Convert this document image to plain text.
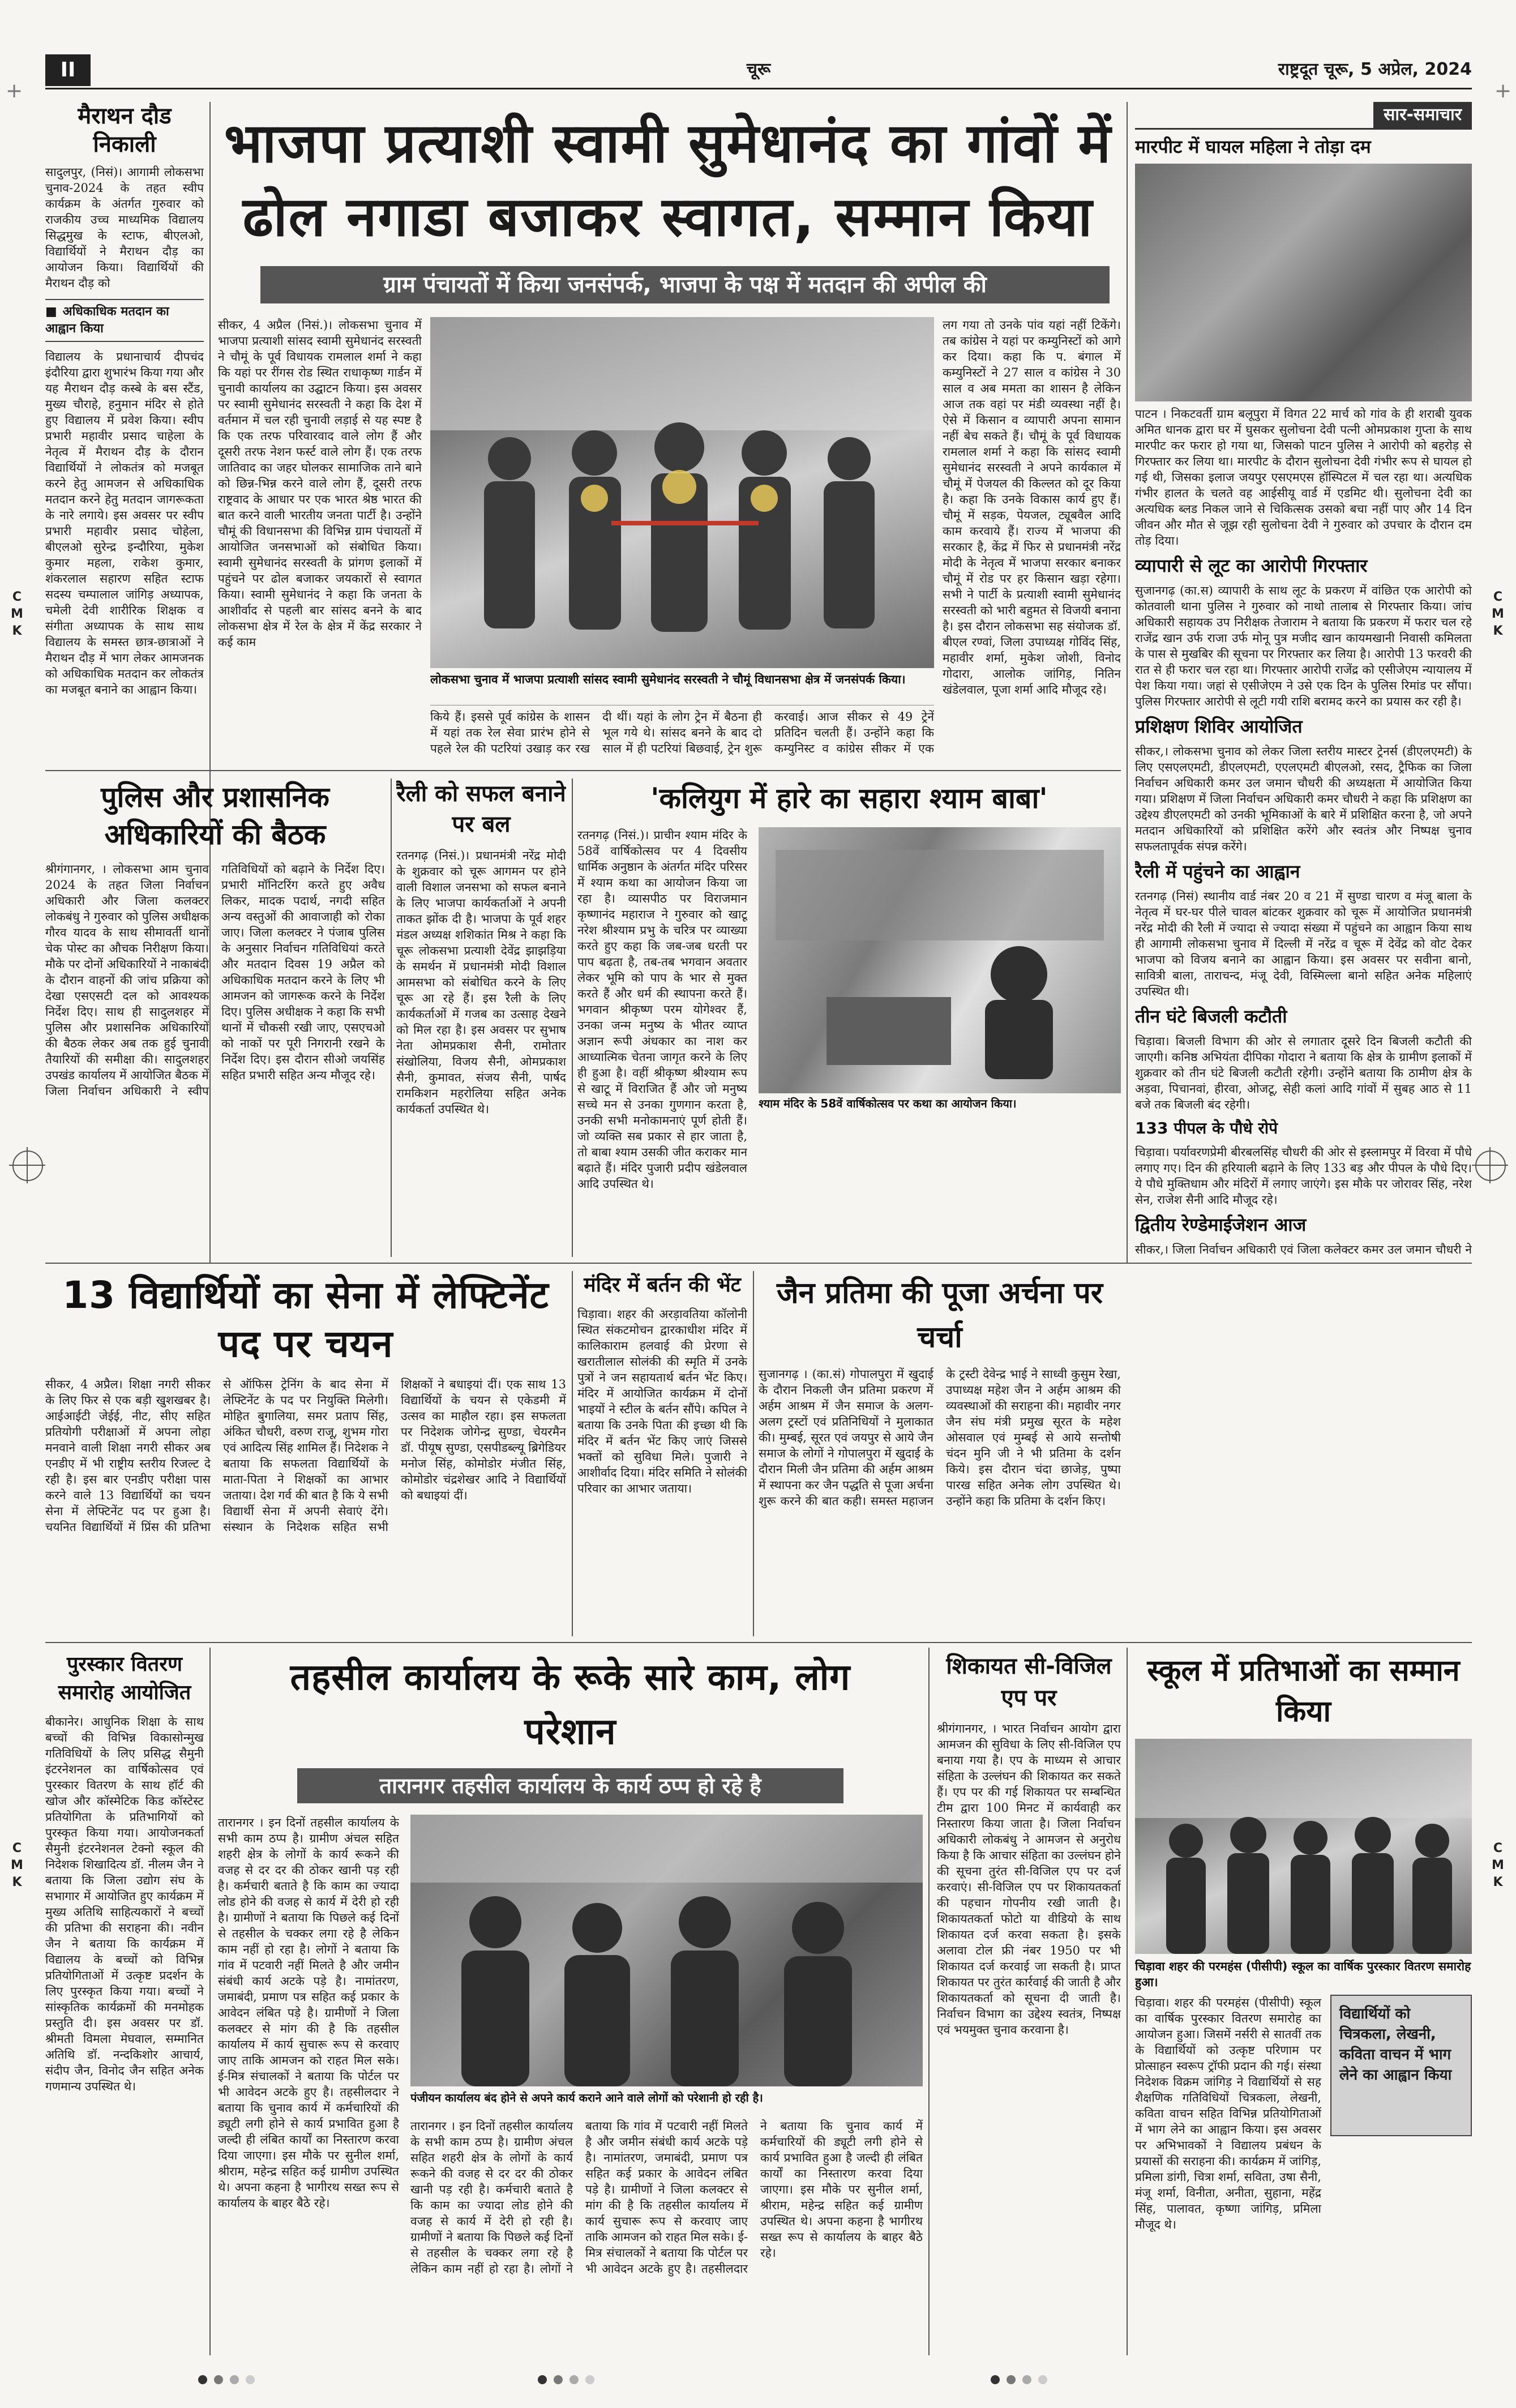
+	+
C
M
K
C
M
K
C
M
K
C
M
K
II	चूरू	राष्ट्रदूत चूरू, 5 अप्रेल, 2024
मैराथन दौड निकाली
सादुलपुर, (निसं)। आगामी लोकसभा चुनाव-2024 के तहत स्वीप कार्यक्रम के अंतर्गत गुरुवार को राजकीय उच्च माध्यमिक विद्यालय सिद्धमुख के स्टाफ, बीएलओ, विद्यार्थियों ने मैराथन दौड़ का आयोजन किया। विद्यार्थियों की मैराथन दौड़ को
■ अधिकाधिक मतदान का आह्वान किया
विद्यालय के प्रधानाचार्य दीपचंद इंदौरिया द्वारा शुभारंभ किया गया और यह मैराथन दौड़ कस्बे के बस स्टैंड, मुख्य चौराहे, हनुमान मंदिर से होते हुए विद्यालय में प्रवेश किया। स्वीप प्रभारी महावीर प्रसाद चाहेला के नेतृत्व में मैराथन दौड़ के दौरान विद्यार्थियों ने लोकतंत्र को मजबूत करने हेतु आमजन से अधिकाधिक मतदान करने हेतु मतदान जागरूकता के नारे लगाये। इस अवसर पर स्वीप प्रभारी महावीर प्रसाद चोहेला, बीएलओ सुरेन्द्र इन्दौरिया, मुकेश कुमार महला, राकेश कुमार, शंकरलाल सहारण सहित स्टाफ सदस्य चम्पालाल जांगिड़ अध्यापक, चमेली देवी शारीरिक शिक्षक व संगीता अध्यापक के साथ साथ विद्यालय के समस्त छात्र-छात्राओं ने मैराथन दौड़ में भाग लेकर आमजनक को अधिकाधिक मतदान कर लोकतंत्र का मजबूत बनाने का आह्वान किया।
भाजपा प्रत्याशी स्वामी सुमेधानंद का गांवों में ढोल नगाडा बजाकर स्वागत, सम्मान किया
ग्राम पंचायतों में किया जनसंपर्क, भाजपा के पक्ष में मतदान की अपील की
सीकर, 4 अप्रैल (निसं.)। लोकसभा चुनाव में भाजपा प्रत्याशी सांसद स्वामी सुमेधानंद सरस्वती ने चौमूं के पूर्व विधायक रामलाल शर्मा ने कहा कि यहां पर रींगस रोड स्थित राधाकृष्ण गार्डन में चुनावी कार्यालय का उद्घाटन किया। इस अवसर पर स्वामी सुमेधानंद सरस्वती ने कहा कि देश में वर्तमान में चल रही चुनावी लड़ाई से यह स्पष्ट है कि एक तरफ परिवारवाद वाले लोग हैं और दूसरी तरफ नेशन फर्स्ट वाले लोग हैं। एक तरफ जातिवाद का जहर घोलकर सामाजिक ताने बाने को छिन्न-भिन्न करने वाले लोग हैं, दूसरी तरफ राष्ट्रवाद के आधार पर एक भारत श्रेष्ठ भारत की बात करने वाली भारतीय जनता पार्टी है। उन्होंने चौमूं की विधानसभा की विभिन्न ग्राम पंचायतों में आयोजित जनसभाओं को संबोधित किया। स्वामी सुमेधानंद सरस्वती के प्रांगण इलाकों में पहुंचने पर ढोल बजाकर जयकारों से स्वागत किया। स्वामी सुमेधानंद ने कहा कि जनता के आशीर्वाद से पहली बार सांसद बनने के बाद लोकसभा क्षेत्र में रेल के क्षेत्र में केंद्र सरकार ने कई काम
लोकसभा चुनाव में भाजपा प्रत्याशी सांसद स्वामी सुमेधानंद सरस्वती ने चौमूं विधानसभा क्षेत्र में जनसंपर्क किया।
किये हैं। इससे पूर्व कांग्रेस के शासन में यहां तक रेल सेवा प्रारंभ होने से पहले रेल की पटरियां उखाड़ कर रख दी थीं। यहां के लोग ट्रेन में बैठना ही भूल गये थे। सांसद बनने के बाद दो साल में ही पटरियां बिछवाई, ट्रेन शुरू करवाई। आज सीकर से 49 ट्रेनें प्रतिदिन चलती हैं। उन्होंने कहा कि कम्युनिस्ट व कांग्रेस सीकर में एक
लग गया तो उनके पांव यहां नहीं टिकेंगे। तब कांग्रेस ने यहां पर कम्युनिस्टों को आगे कर दिया। कहा कि प. बंगाल में कम्युनिस्टों ने 27 साल व कांग्रेस ने 30 साल व अब ममता का शासन है लेकिन आज तक वहां पर मंडी व्यवस्था नहीं है। ऐसे में किसान व व्यापारी अपना सामान नहीं बेच सकते हैं। चौमूं के पूर्व विधायक रामलाल शर्मा ने कहा कि सांसद स्वामी सुमेधानंद सरस्वती ने अपने कार्यकाल में चौमूं में पेजयल की किल्लत को दूर किया है। कहा कि उनके विकास कार्य हुए हैं। चौमूं में सड़क, पेयजल, ट्यूबवैल आदि काम करवाये हैं। राज्य में भाजपा की सरकार है, केंद्र में फिर से प्रधानमंत्री नरेंद्र मोदी के नेतृत्व में भाजपा सरकार बनाकर चौमूं में रोड पर हर किसान खड़ा रहेगा। सभी ने पार्टी के प्रत्याशी स्वामी सुमेधानंद सरस्वती को भारी बहुमत से विजयी बनाना है। इस दौरान लोकसभा सह संयोजक डॉ. बीएल रण्वां, जिला उपाध्यक्ष गोविंद सिंह, महावीर शर्मा, मुकेश जोशी, विनोद गोदारा, आलोक जांगिड़, नितिन खंडेलवाल, पूजा शर्मा आदि मौजूद रहे।
सार-समाचार
मारपीट में घायल महिला ने तोड़ा दम
पाटन । निकटवर्ती ग्राम बलूपुरा में विगत 22 मार्च को गांव के ही शराबी युवक अमित धानक द्वारा घर में घुसकर सुलोचना देवी पत्नी ओमप्रकाश गुप्ता के साथ मारपीट कर फरार हो गया था, जिसको पाटन पुलिस ने आरोपी को बहरोड़ से गिरफ्तार कर लिया था। मारपीट के दौरान सुलोचना देवी गंभीर रूप से घायल हो गई थी, जिसका इलाज जयपुर एसएमएस हॉस्पिटल में चल रहा था। अत्यधिक गंभीर हालत के चलते वह आईसीयू वार्ड में एडमिट थी। सुलोचना देवी का अत्यधिक ब्लड निकल जाने से चिकित्सक उसको बचा नहीं पाए और 14 दिन जीवन और मौत से जूझ रही सुलोचना देवी ने गुरुवार को उपचार के दौरान दम तोड़ दिया।
व्यापारी से लूट का आरोपी गिरफ्तार
सुजानगढ़ (का.स) व्यापारी के साथ लूट के प्रकरण में वांछित एक आरोपी को कोतवाली थाना पुलिस ने गुरुवार को नाथो तालाब से गिरफ्तार किया। जांच अधिकारी सहायक उप निरीक्षक तेजाराम ने बताया कि प्रकरण में फरार चल रहे राजेंद्र खान उर्फ राजा उर्फ मोनू पुत्र मजीद खान कायमखानी निवासी कमिलता के पास से मुखबिर की सूचना पर गिरफ्तार कर लिया है। आरोपी 13 फरवरी की रात से ही फरार चल रहा था। गिरफ्तार आरोपी राजेंद्र को एसीजेएम न्यायालय में पेश किया गया। जहां से एसीजेएम ने उसे एक दिन के पुलिस रिमांड पर सौंपा। पुलिस गिरफ्तार आरोपी से लूटी गयी राशि बरामद करने का प्रयास कर रही है।
प्रशिक्षण शिविर आयोजित
सीकर,। लोकसभा चुनाव को लेकर जिला स्तरीय मास्टर ट्रेनर्स (डीएलएमटी) के लिए एसएलएमटी, डीएलएमटी, एएलएमटी बीएलओ, रसद, ट्रैफिक का जिला निर्वाचन अधिकारी कमर उल जमान चौधरी की अध्यक्षता में आयोजित किया गया। प्रशिक्षण में जिला निर्वाचन अधिकारी कमर चौधरी ने कहा कि प्रशिक्षण का उद्देश्य डीएलएमटी को उनकी भूमिकाओं के बारे में प्रशिक्षित करना है, जो अपने मतदान अधिकारियों को प्रशिक्षित करेंगे और स्वतंत्र और निष्पक्ष चुनाव सफलतापूर्वक संपन्न करेंगे।
रैली में पहुंचने का आह्वान
रतनगढ़ (निसं) स्थानीय वार्ड नंबर 20 व 21 में सुण्डा चारण व मंजू बाला के नेतृत्व में घर-घर पीले चावल बांटकर शुक्रवार को चूरू में आयोजित प्रधानमंत्री नरेंद्र मोदी की रैली में ज्यादा से ज्यादा संख्या में पहुंचने का आह्वान किया साथ ही आगामी लोकसभा चुनाव में दिल्ली में नरेंद्र व चूरू में देवेंद्र को वोट देकर भाजपा को विजय बनाने का आह्वान किया। इस अवसर पर सवीना बानो, सावित्री बाला, ताराचन्द, मंजू देवी, विस्मिल्ला बानो सहित अनेक महिलाएं उपस्थित थी।
तीन घंटे बिजली कटौती
चिड़ावा। बिजली विभाग की ओर से लगातार दूसरे दिन बिजली कटौती की जाएगी। कनिष्ठ अभियंता दीपिका गोदारा ने बताया कि क्षेत्र के ग्रामीण इलाकों में शुक्रवार को तीन घंटे बिजली कटौती रहेगी। उन्होंने बताया कि ठामीण क्षेत्र के अड़वा, पिचानवां, हीरवा, ओजटू, सेही कलां आदि गांवों में सुबह आठ से 11 बजे तक बिजली बंद रहेगी।
133 पीपल के पौधे रोपे
चिड़ावा। पर्यावरणप्रेमी बीरबलसिंह चौधरी की ओर से इस्लामपुर में विरवा में पौधे लगाए गए। दिन की हरियाली बढ़ाने के लिए 133 बड़ और पीपल के पौधे दिए। ये पौधे मुक्तिधाम और मंदिरों में लगाए जाएंगे। इस मौके पर जोरावर सिंह, नरेश सेन, राजेश सैनी आदि मौजूद रहे।
द्वितीय रेण्डेमाईजेशन आज
सीकर,। जिला निर्वाचन अधिकारी एवं जिला कलेक्टर कमर उल जमान चौधरी ने
पुलिस और प्रशासनिक अधिकारियों की बैठक
श्रीगंगानगर, । लोकसभा आम चुनाव 2024 के तहत जिला निर्वाचन अधिकारी और जिला कलक्टर लोकबंधु ने गुरुवार को पुलिस अधीक्षक गौरव यादव के साथ सीमावर्ती थानों चेक पोस्ट का औचक निरीक्षण किया। मौके पर दोनों अधिकारियों ने नाकाबंदी के दौरान वाहनों की जांच प्रक्रिया को देखा एसएसटी दल को आवश्यक निर्देश दिए। साथ ही सादुलशहर में पुलिस और प्रशासनिक अधिकारियों की बैठक लेकर अब तक हुई चुनावी तैयारियों की समीक्षा की। सादुलशहर उपखंड कार्यालय में आयोजित बैठक में जिला निर्वाचन अधिकारी ने स्वीप गतिविधियों को बढ़ाने के निर्देश दिए। प्रभारी मॉनिटरिंग करते हुए अवैध लिकर, मादक पदार्थ, नगदी सहित अन्य वस्तुओं की आवाजाही को रोका जाए। जिला कलक्टर ने पंजाब पुलिस के अनुसार निर्वाचन गतिविधियां करते और मतदान दिवस 19 अप्रैल को अधिकाधिक मतदान करने के लिए भी आमजन को जागरूक करने के निर्देश दिए। पुलिस अधीक्षक ने कहा कि सभी थानों में चौकसी रखी जाए, एसएचओ को नाकों पर पूरी निगरानी रखने के निर्देश दिए। इस दौरान सीओ जयसिंह सहित प्रभारी सहित अन्य मौजूद रहे।
रैली को सफल बनाने पर बल
रतनगढ़ (निसं.)। प्रधानमंत्री नरेंद्र मोदी के शुक्रवार को चूरू आगमन पर होने वाली विशाल जनसभा को सफल बनाने के लिए भाजपा कार्यकर्ताओं ने अपनी ताकत झोंक दी है। भाजपा के पूर्व शहर मंडल अध्यक्ष शशिकांत मिश्र ने कहा कि चूरू लोकसभा प्रत्याशी देवेंद्र झाझड़िया के समर्थन में प्रधानमंत्री मोदी विशाल आमसभा को संबोधित करने के लिए चूरू आ रहे हैं। इस रैली के लिए कार्यकर्ताओं में गजब का उत्साह देखने को मिल रहा है। इस अवसर पर सुभाष नेता ओमप्रकाश सैनी, रामोतार संखोलिया, विजय सैनी, ओमप्रकाश सैनी, कुमावत, संजय सैनी, पार्षद रामकिशन महरोलिया सहित अनेक कार्यकर्ता उपस्थित थे।
'कलियुग में हारे का सहारा श्याम बाबा'
रतनगढ़ (निसं.)। प्राचीन श्याम मंदिर के 58वें वार्षिकोत्सव पर 4 दिवसीय धार्मिक अनुष्ठान के अंतर्गत मंदिर परिसर में श्याम कथा का आयोजन किया जा रहा है। व्यासपीठ पर विराजमान कृष्णानंद महाराज ने गुरुवार को खाटू नरेश श्रीश्याम प्रभु के चरित्र पर व्याख्या करते हुए कहा कि जब-जब धरती पर पाप बढ़ता है, तब-तब भगवान अवतार लेकर भूमि को पाप के भार से मुक्त करते हैं और धर्म की स्थापना करते हैं। भगवान श्रीकृष्ण परम योगेश्वर हैं, उनका जन्म मनुष्य के भीतर व्याप्त अज्ञान रूपी अंधकार का नाश कर आध्यात्मिक चेतना जागृत करने के लिए ही हुआ है। वहीं श्रीकृष्ण श्रीश्याम रूप से खाटू में विराजित हैं और जो मनुष्य सच्चे मन से उनका गुणगान करता है, उनकी सभी मनोकामनाएं पूर्ण होती हैं। जो व्यक्ति सब प्रकार से हार जाता है, तो बाबा श्याम उसकी जीत कराकर मान बढ़ाते हैं। मंदिर पुजारी प्रदीप खंडेलवाल आदि उपस्थित थे।
श्याम मंदिर के 58वें वार्षिकोत्सव पर कथा का आयोजन किया।
13 विद्यार्थियों का सेना में लेफ्टिनेंट पद पर चयन
सीकर, 4 अप्रैल। शिक्षा नगरी सीकर के लिए फिर से एक बड़ी खुशखबर है। आईआईटी जेईई, नीट, सीए सहित प्रतियोगी परीक्षाओं में अपना लोहा मनवाने वाली शिक्षा नगरी सीकर अब एनडीए में भी राष्ट्रीय स्तरीय रिजल्ट दे रही है। इस बार एनडीए परीक्षा पास करने वाले 13 विद्यार्थियों का चयन सेना में लेफ्टिनेंट पद पर हुआ है। चयनित विद्यार्थियों में प्रिंस की प्रतिभा से ऑफिस ट्रेनिंग के बाद सेना में लेफ्टिनेंट के पद पर नियुक्ति मिलेगी। मोहित बुगालिया, समर प्रताप सिंह, अंकित चौधरी, वरुण राजू, शुभम गोरा एवं आदित्य सिंह शामिल हैं। निदेशक ने बताया कि सफलता विद्यार्थियों के माता-पिता ने शिक्षकों का आभार जताया। देश गर्व की बात है कि ये सभी विद्यार्थी सेना में अपनी सेवाएं देंगे। संस्थान के निदेशक सहित सभी शिक्षकों ने बधाइयां दीं। एक साथ 13 विद्यार्थियों के चयन से एकेडमी में उत्सव का माहौल रहा। इस सफलता पर निदेशक जोगेन्द्र सुण्डा, चेयरमैन डॉ. पीयूष सुण्डा, एसपीडब्ल्यू ब्रिगेडियर मनोज सिंह, कोमोडोर मंजीत सिंह, कोमोडोर चंद्रशेखर आदि ने विद्यार्थियों को बधाइयां दीं।
मंदिर में बर्तन की भेंट
चिड़ावा। शहर की अरड़ावतिया कॉलोनी स्थित संकटमोचन द्वारकाधीश मंदिर में कालिकाराम हलवाई की प्रेरणा से खरातीलाल सोलंकी की स्मृति में उनके पुत्रों ने जन सहायतार्थ बर्तन भेंट किए। मंदिर में आयोजित कार्यक्रम में दोनों भाइयों ने स्टील के बर्तन सौंपे। कपिल ने बताया कि उनके पिता की इच्छा थी कि मंदिर में बर्तन भेंट किए जाएं जिससे भक्तों को सुविधा मिले। पुजारी ने आशीर्वाद दिया। मंदिर समिति ने सोलंकी परिवार का आभार जताया।
जैन प्रतिमा की पूजा अर्चना पर चर्चा
सुजानगढ़ । (का.सं) गोपालपुरा में खुदाई के दौरान निकली जैन प्रतिमा प्रकरण में अर्हम आश्रम में जैन समाज के अलग-अलग ट्रस्टों एवं प्रतिनिधियों ने मुलाकात की। मुम्बई, सूरत एवं जयपुर से आये जैन समाज के लोगों ने गोपालपुरा में खुदाई के दौरान मिली जैन प्रतिमा की अर्हम आश्रम में स्थापना कर जैन पद्धति से पूजा अर्चना शुरू करने की बात कही। समस्त महाजन के ट्रस्टी देवेन्द्र भाई ने साध्वी कुसुम रेखा, उपाध्यक्ष महेश जैन ने अर्हम आश्रम की व्यवस्थाओं की सराहना की। महावीर नगर जैन संघ मंत्री प्रमुख सूरत के महेश ओसवाल एवं मुम्बई से आये सन्तोषी चंदन मुनि जी ने भी प्रतिमा के दर्शन किये। इस दौरान चंदा छाजेड़, पुष्पा पारख सहित अनेक लोग उपस्थित थे। उन्होंने कहा कि प्रतिमा के दर्शन किए।
पुरस्कार वितरण समारोह आयोजित
बीकानेर। आधुनिक शिक्षा के साथ बच्चों की विभिन्न विकासोन्मुख गतिविधियों के लिए प्रसिद्ध सैमुनी इंटरनेशनल का वार्षिकोत्सव एवं पुरस्कार वितरण के साथ हॉर्ट की खोज और कॉस्मेटिक किड कॉस्टेस्ट प्रतियोगिता के प्रतिभागियों को पुरस्कृत किया गया। आयोजनकर्ता सैमुनी इंटरनेशनल टेक्नो स्कूल की निदेशक शिखादित्य डॉ. नीलम जैन ने बताया कि जिला उद्योग संघ के सभागार में आयोजित हुए कार्यक्रम में मुख्य अतिथि साहित्यकारों ने बच्चों की प्रतिभा की सराहना की। नवीन जैन ने बताया कि कार्यक्रम में विद्यालय के बच्चों को विभिन्न प्रतियोगिताओं में उत्कृष्ट प्रदर्शन के लिए पुरस्कृत किया गया। बच्चों ने सांस्कृतिक कार्यक्रमों की मनमोहक प्रस्तुति दी। इस अवसर पर डॉ. श्रीमती विमला मेघवाल, सम्मानित अतिथि डॉ. नन्दकिशोर आचार्य, संदीप जैन, विनोद जैन सहित अनेक गणमान्य उपस्थित थे।
तहसील कार्यालय के रूके सारे काम, लोग परेशान
तारानगर तहसील कार्यालय के कार्य ठप्प हो रहे है
तारानगर । इन दिनों तहसील कार्यालय के सभी काम ठप्प है। ग्रामीण अंचल सहित शहरी क्षेत्र के लोगों के कार्य रूकने की वजह से दर दर की ठोकर खानी पड़ रही है। कर्मचारी बताते है कि काम का ज्यादा लोड होने की वजह से कार्य में देरी हो रही है। ग्रामीणों ने बताया कि पिछले कई दिनों से तहसील के चक्कर लगा रहे है लेकिन काम नहीं हो रहा है। लोगों ने बताया कि गांव में पटवारी नहीं मिलते है और जमीन संबंधी कार्य अटके पड़े है। नामांतरण, जमाबंदी, प्रमाण पत्र सहित कई प्रकार के आवेदन लंबित पड़े है। ग्रामीणों ने जिला कलक्टर से मांग की है कि तहसील कार्यालय में कार्य सुचारू रूप से करवाए जाए ताकि आमजन को राहत मिल सके। ई-मित्र संचालकों ने बताया कि पोर्टल पर भी आवेदन अटके हुए है। तहसीलदार ने बताया कि चुनाव कार्य में कर्मचारियों की ड्यूटी लगी होने से कार्य प्रभावित हुआ है जल्दी ही लंबित कार्यों का निस्तारण करवा दिया जाएगा। इस मौके पर सुनील शर्मा, श्रीराम, महेन्द्र सहित कई ग्रामीण उपस्थित थे। अपना कहना है भागीरथ सख्त रूप से कार्यालय के बाहर बैठे रहे।
पंजीयन कार्यालय बंद होने से अपने कार्य कराने आने वाले लोगों को परेशानी हो रही है।
तारानगर । इन दिनों तहसील कार्यालय के सभी काम ठप्प है। ग्रामीण अंचल सहित शहरी क्षेत्र के लोगों के कार्य रूकने की वजह से दर दर की ठोकर खानी पड़ रही है। कर्मचारी बताते है कि काम का ज्यादा लोड होने की वजह से कार्य में देरी हो रही है। ग्रामीणों ने बताया कि पिछले कई दिनों से तहसील के चक्कर लगा रहे है लेकिन काम नहीं हो रहा है। लोगों ने बताया कि गांव में पटवारी नहीं मिलते है और जमीन संबंधी कार्य अटके पड़े है। नामांतरण, जमाबंदी, प्रमाण पत्र सहित कई प्रकार के आवेदन लंबित पड़े है। ग्रामीणों ने जिला कलक्टर से मांग की है कि तहसील कार्यालय में कार्य सुचारू रूप से करवाए जाए ताकि आमजन को राहत मिल सके। ई-मित्र संचालकों ने बताया कि पोर्टल पर भी आवेदन अटके हुए है। तहसीलदार ने बताया कि चुनाव कार्य में कर्मचारियों की ड्यूटी लगी होने से कार्य प्रभावित हुआ है जल्दी ही लंबित कार्यों का निस्तारण करवा दिया जाएगा। इस मौके पर सुनील शर्मा, श्रीराम, महेन्द्र सहित कई ग्रामीण उपस्थित थे। अपना कहना है भागीरथ सख्त रूप से कार्यालय के बाहर बैठे रहे।
शिकायत सी-विजिल एप पर
श्रीगंगानगर, । भारत निर्वाचन आयोग द्वारा आमजन की सुविधा के लिए सी-विजिल एप बनाया गया है। एप के माध्यम से आचार संहिता के उल्लंघन की शिकायत कर सकते हैं। एप पर की गई शिकायत पर सम्बन्धित टीम द्वारा 100 मिनट में कार्यवाही कर निस्तारण किया जाता है। जिला निर्वाचन अधिकारी लोकबंधु ने आमजन से अनुरोध किया है कि आचार संहिता का उल्लंघन होने की सूचना तुरंत सी-विजिल एप पर दर्ज करवाएं। सी-विजिल एप पर शिकायतकर्ता की पहचान गोपनीय रखी जाती है। शिकायतकर्ता फोटो या वीडियो के साथ शिकायत दर्ज करवा सकता है। इसके अलावा टोल फ्री नंबर 1950 पर भी शिकायत दर्ज करवाई जा सकती है। प्राप्त शिकायत पर तुरंत कार्रवाई की जाती है और शिकायतकर्ता को सूचना दी जाती है। निर्वाचन विभाग का उद्देश्य स्वतंत्र, निष्पक्ष एवं भयमुक्त चुनाव करवाना है।
स्कूल में प्रतिभाओं का सम्मान किया
चिड़ावा शहर की परमहंस (पीसीपी) स्कूल का वार्षिक पुरस्कार वितरण समारोह हुआ।
चिड़ावा। शहर की परमहंस (पीसीपी) स्कूल का वार्षिक पुरस्कार वितरण समारोह का आयोजन हुआ। जिसमें नर्सरी से सातवीं तक के विद्यार्थियों को उत्कृष्ट परिणाम पर प्रोत्साहन स्वरूप ट्रॉफी प्रदान की गई। संस्था निदेशक विक्रम जांगिड़ ने विद्यार्थियों से सह शैक्षणिक गतिविधियों चित्रकला, लेखनी, कविता वाचन सहित विभिन्न प्रतियोगिताओं में भाग लेने का आह्वान किया। इस अवसर पर अभिभावकों ने विद्यालय प्रबंधन के प्रयासों की सराहना की। कार्यक्रम में जांगिड़, प्रमिला डांगी, चित्रा शर्मा, सविता, उषा सैनी, मंजू शर्मा, विनीता, अनीता, सुहाना, महेंद्र सिंह, पालावत, कृष्णा जांगिड़, प्रमिला मौजूद थे।
विद्यार्थियों को चित्रकला, लेखनी, कविता वाचन में भाग लेने का आह्वान किया
